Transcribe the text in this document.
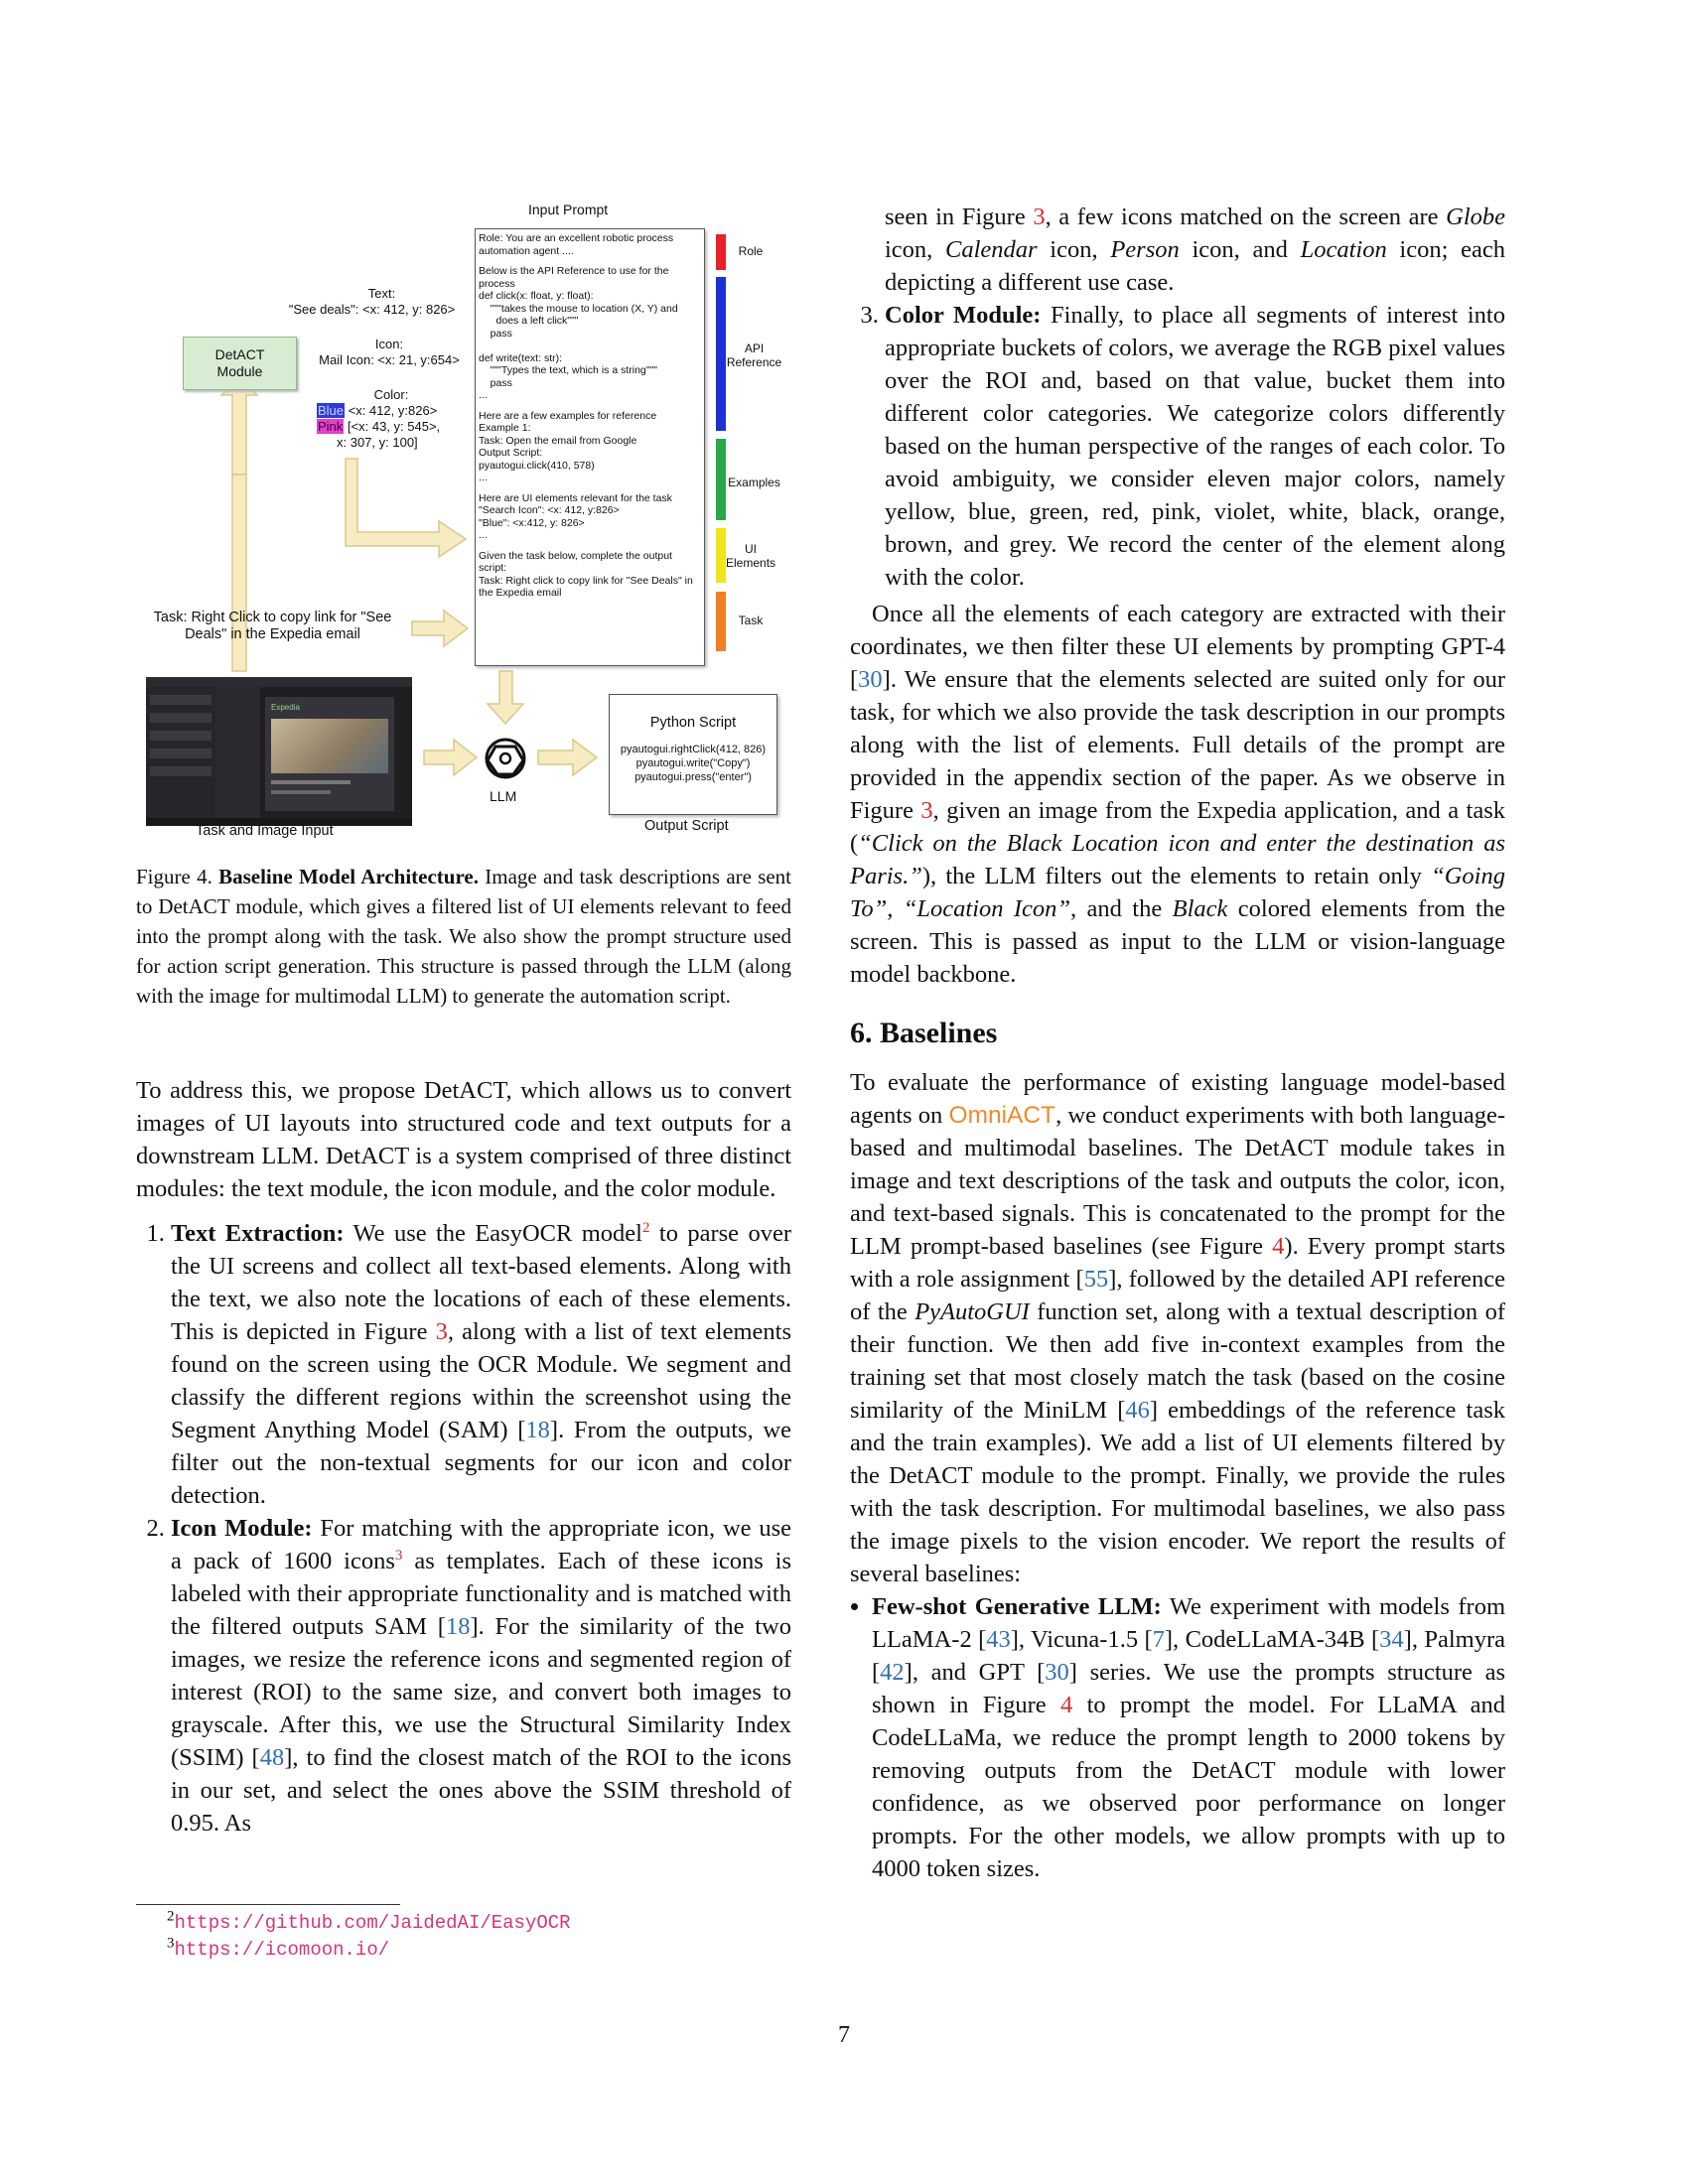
Input Prompt
DetACT Module
Text:
"See deals": <x: 412, y: 826>
Icon:
Mail Icon: <x: 21, y:654>
Color:
Blue <x: 412, y:826>
Pink [<x: 43, y: 545>,
x: 307, y: 100]
Role: You are an excellent robotic process automation agent ....
Below is the API Reference to use for the process
def click(x: float, y: float):
"""takes the mouse to location (X, Y) and
does a left click"""
pass

def write(text: str):
"""Types the text, which is a string"""
pass
...
Here are a few examples for reference
Example 1:
Task: Open the email from Google
Output Script:
pyautogui.click(410, 578)
...
Here are UI elements relevant for the task
"Search Icon": <x: 412, y:826>
"Blue": <x:412, y: 826>
...
Given the task below, complete the output script:
Task: Right click to copy link for "See Deals" in the Expedia email
Role
API Reference
Examples
UI Elements
Task
Task: Right Click to copy link for "See Deals" in the Expedia email
Expedia
LLM
Python Script
pyautogui.rightClick(412, 826)
pyautogui.write("Copy")
pyautogui.press("enter")
Task and Image Input	Output Script
Figure 4. Baseline Model Architecture. Image and task descriptions are sent to DetACT module, which gives a filtered list of UI elements relevant to feed into the prompt along with the task. We also show the prompt structure used for action script generation. This structure is passed through the LLM (along with the image for multimodal LLM) to generate the automation script.

To address this, we propose DetACT, which allows us to convert images of UI layouts into structured code and text outputs for a downstream LLM. DetACT is a system comprised of three distinct modules: the text module, the icon module, and the color module.

1. Text Extraction: We use the EasyOCR model$^2$ to parse over the UI screens and collect all text-based elements. Along with the text, we also note the locations of each of these elements. This is depicted in Figure 3, along with a list of text elements found on the screen using the OCR Module. We segment and classify the different regions within the screenshot using the Segment Anything Model (SAM) [18]. From the outputs, we filter out the non-textual segments for our icon and color detection.
2. Icon Module: For matching with the appropriate icon, we use a pack of 1600 icons$^3$ as templates. Each of these icons is labeled with their appropriate functionality and is matched with the filtered outputs SAM [18]. For the similarity of the two images, we resize the reference icons and segmented region of interest (ROI) to the same size, and convert both images to grayscale. After this, we use the Structural Similarity Index (SSIM) [48], to find the closest match of the ROI to the icons in our set, and select the ones above the SSIM threshold of 0.95. As
$^2$https://github.com/JaidedAI/EasyOCR
$^3$https://icomoon.io/

seen in Figure 3, a few icons matched on the screen are Globe icon, Calendar icon, Person icon, and Location icon; each depicting a different use case.

3. Color Module: Finally, to place all segments of interest into appropriate buckets of colors, we average the RGB pixel values over the ROI and, based on that value, bucket them into different color categories. We categorize colors differently based on the human perspective of the ranges of each color. To avoid ambiguity, we consider eleven major colors, namely yellow, blue, green, red, pink, violet, white, black, orange, brown, and grey. We record the center of the element along with the color.

Once all the elements of each category are extracted with their coordinates, we then filter these UI elements by prompting GPT-4 [30]. We ensure that the elements selected are suited only for our task, for which we also provide the task description in our prompts along with the list of elements. Full details of the prompt are provided in the appendix section of the paper. As we observe in Figure 3, given an image from the Expedia application, and a task (“Click on the Black Location icon and enter the destination as Paris.”), the LLM filters out the elements to retain only “Going To”, “Location Icon”, and the Black colored elements from the screen. This is passed as input to the LLM or vision-language model backbone.

6. Baselines

To evaluate the performance of existing language model-based agents on OmniACT, we conduct experiments with both language-based and multimodal baselines. The DetACT module takes in image and text descriptions of the task and outputs the color, icon, and text-based signals. This is concatenated to the prompt for the LLM prompt-based baselines (see Figure 4). Every prompt starts with a role assignment [55], followed by the detailed API reference of the PyAutoGUI function set, along with a textual description of their function. We then add five in-context examples from the training set that most closely match the task (based on the cosine similarity of the MiniLM [46] embeddings of the reference task and the train examples). We add a list of UI elements filtered by the DetACT module to the prompt. Finally, we provide the rules with the task description. For multimodal baselines, we also pass the image pixels to the vision encoder. We report the results of several baselines:

• Few-shot Generative LLM: We experiment with models from LLaMA-2 [43], Vicuna-1.5 [7], CodeLLaMA-34B [34], Palmyra [42], and GPT [30] series. We use the prompts structure as shown in Figure 4 to prompt the model. For LLaMA and CodeLLaMa, we reduce the prompt length to 2000 tokens by removing outputs from the DetACT module with lower confidence, as we observed poor performance on longer prompts. For the other models, we allow prompts with up to 4000 token sizes.
7
